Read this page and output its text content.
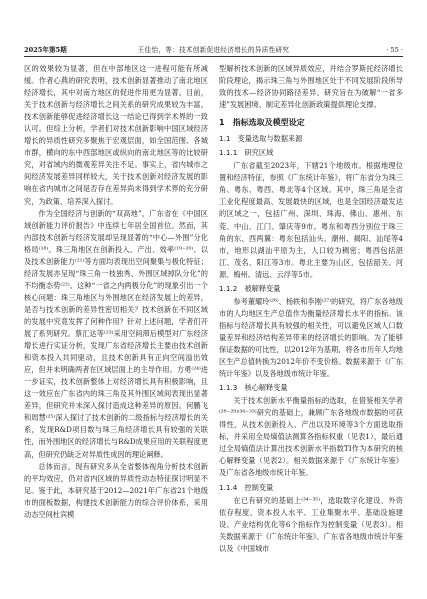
2025年第5期	王佳怡，等：技术创新促进经济增长的异质性研究	· 55 ·

区的效果较为显著，但在中部地区这一进程可能有所减缓。作者心燕的研究表明，技术创新显著推动了南北地区经济增长，其中对南方地区的促进作用更为显著。目前，关于技术创新与经济增长之间关系的研究成果较为丰富，技术创新能够促进经济增长这一结论已得到学术界的一致认可。但综上分析，学者们对技术创新影响中国区域经济增长的异质性研究多聚焦于宏观层面，如全国范围、各城市群，横向的东中西部地区或纵向的南北地区等的比较研究，对省域内的微观差异关注不足。事实上，省内城市之间经济发展差异同样较大，关于技术创新对经济发展的影响在省内城市之间是否存在差异尚未得到学术界的充分研究，为政策、培养深入探讨。

作为全国经济与创新的“双高地”，广东省在《中国区域创新能力评价报告》中连续七年居全国首位。然而，其内部技术创新与经济发展却呈现显著的“中心—外围”分化格局⁽¹⁸⁾。珠三角地区在创新投入、产出、效率⁽¹⁹⁻²⁰⁾、以及技术创新能力⁽²¹⁾等方面均表现出空间聚集与极化特征；经济发展亦呈现“珠三角一枝独秀、外围区域掉队分化”的不均衡态势⁽²²⁾。这种“一省之内两极分化”的现象引出一个核心问题：珠三角地区与外围地区在经济发展上的差异，是否与技术创新的差异性密切相关？技术创新在不同区域的发展中究竟发挥了何种作用？针对上述问题，学者们开展了系列研究。蔡汇达等⁽²³⁾采用空间滞后模型对广东经济增长进行实证分析，发现广东省经济增长主要由技术创新和资本投入共同驱动，且技术创新具有正向空间溢出效应，但并未明确两者在区域层面上的主导作用。方勇⁽²⁴⁾进一步证实，技术创新整体上对经济增长具有积极影响，且这一效应在广东省内的珠三角及其外围区域间表现出显著差异，但研究并未深入探讨造成这种差异的原因。何鹏飞和周慧⁽²⁵⁾深入探讨了技术创新的二级指标与经济增长的关系，发现R&D项目数与珠三角经济增长具有较强的关联性，而外围地区的经济增长与R&D成果应用的关联程度更高，但研究仍缺乏对异质性成因的理论阐释。

总体而言，现有研究多从全省整体视角分析技术创新的平均效应，仍对省内区域的异质性动态特征探讨明显不足。鉴于此，本研究基于2012—2021年广东省21个地级市的面板数据，构建技术创新能力的综合评价体系，采用动态空间杜宾模

型解析技术创新的区域异质效应，并结合罗斯托经济增长阶段理论，揭示珠三角与外围地区处于不同发展阶段所导致的技术—经济协同路径差异。研究旨在为破解“一省多速”发展困境、制定差异化创新政策提供理论支撑。

1　指标选取及模型设定
1.1　变量选取与数据来源
1.1.1　研究区域

广东省截至2023年，下辖21个地级市。根据地理位置和经济特征，参照《广东统计年鉴》，将广东省分为珠三角、粤东、粤西、粤北等4个区域。其中，珠三角是全省工业化程度最高、发展最快的区域，也是全国经济最发达的区域之一，包括广州、深圳、珠海、佛山、惠州、东莞、中山、江门、肇庆等9市。粤东和粤西分别位于珠三角的东、西两翼：粤东包括汕头、潮州、揭阳、汕尾等4市，地形以湖汕平原为主，人口较为稠密；粤西包括湛江、茂名、阳江等3市。粤北主要为山区，包括韶关、河源、梅州、清远、云浮等5市。

1.1.2　被解释变量

参考董耀玲⁽²⁶⁾、杨轶和李刚⁽²⁷⁾的研究，将广东各地级市的人均地区生产总值作为衡量经济增长水平的指标。该指标与经济增长具有较强的相关性，可以避免区域人口数量差异和经济结构差异带来的经济增长的影响。为了能够保证数据的可比性，以2012年为基期，将各市历年人均地区生产总值转换为2012年价不变价格。数据来源于《广东统计年鉴》以及各地级市统计年鉴。

1.1.3　核心解释变量

关于技术创新水平衡量指标的选取，在借鉴相关学者⁽²⁸⁻²⁹⁾⁽³⁰⁻³³⁾研究的基础上，兼顾广东各地级市数据的可获得性，从技术创新投入、产出以及环境等3个方面选取指标，并采用全局熵值法测算各指标权重（见表1），最后通过全局熵值法计算出技术创新水平指数TI作为本研究的核心解释变量（见表2）。相关数据来源于《广东统计年鉴》及广东省各地级市统计年鉴。

1.1.4　控制变量

在已有研究的基础上⁽³⁴⁻³⁵⁾，选取数字化建设、外资依存程度、资本投入水平、工业集聚水平、基础设施建设、产业结构优化等6个指标作为控制变量（见表3）。相关数据来源于《广东统计年鉴》、广东省各地级市统计年鉴以及《中国城市
